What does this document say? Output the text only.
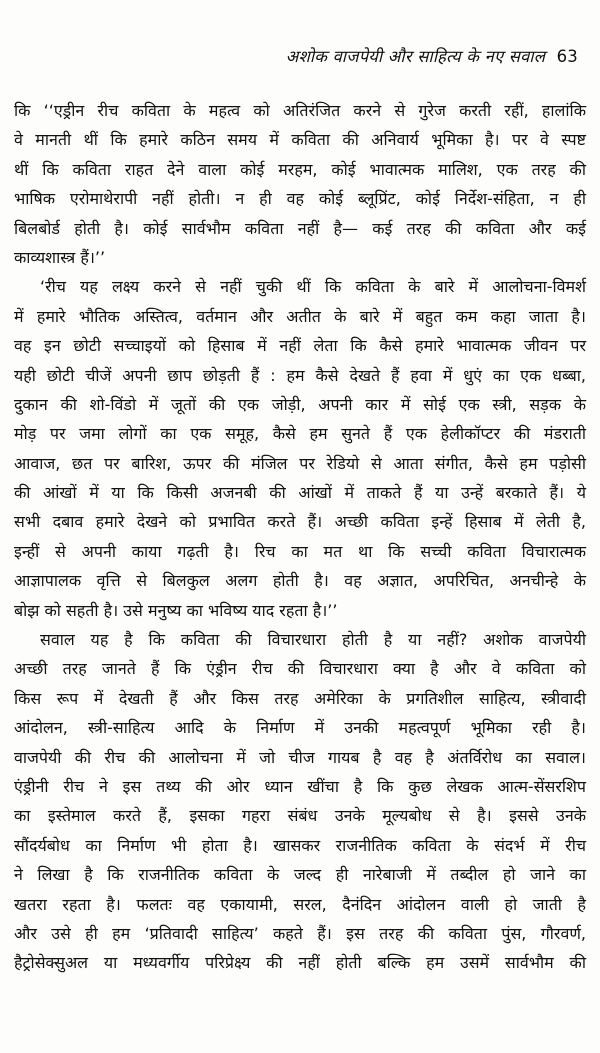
अशोक वाजपेयी और साहित्य के नए सवाल 63
कि ‘‘एड्रीन रीच कविता के महत्व को अतिरंजित करने से गुरेज करती रहीं, हालांकि
वे मानती थीं कि हमारे कठिन समय में कविता की अनिवार्य भूमिका है। पर वे स्पष्ट
थीं कि कविता राहत देने वाला कोई मरहम, कोई भावात्मक मालिश, एक तरह की
भाषिक एरोमाथेरापी नहीं होती। न ही वह कोई ब्लूप्रिंट, कोई निर्देश-संहिता, न ही
बिलबोर्ड होती है। कोई सार्वभौम कविता नहीं है— कई तरह की कविता और कई
काव्यशास्त्र हैं।’’
‘रीच यह लक्ष्य करने से नहीं चुकी थीं कि कविता के बारे में आलोचना-विमर्श
में हमारे भौतिक अस्तित्व, वर्तमान और अतीत के बारे में बहुत कम कहा जाता है।
वह इन छोटी सच्चाइयों को हिसाब में नहीं लेता कि कैसे हमारे भावात्मक जीवन पर
यही छोटी चीजें अपनी छाप छोड़ती हैं : हम कैसे देखते हैं हवा में धुएं का एक धब्बा,
दुकान की शो-विंडो में जूतों की एक जोड़ी, अपनी कार में सोई एक स्त्री, सड़क के
मोड़ पर जमा लोगों का एक समूह, कैसे हम सुनते हैं एक हेलीकॉप्टर की मंडराती
आवाज, छत पर बारिश, ऊपर की मंजिल पर रेडियो से आता संगीत, कैसे हम पड़ोसी
की आंखों में या कि किसी अजनबी की आंखों में ताकते हैं या उन्हें बरकाते हैं। ये
सभी दबाव हमारे देखने को प्रभावित करते हैं। अच्छी कविता इन्हें हिसाब में लेती है,
इन्हीं से अपनी काया गढ़ती है। रिच का मत था कि सच्ची कविता विचारात्मक
आज्ञापालक वृत्ति से बिलकुल अलग होती है। वह अज्ञात, अपरिचित, अनचीन्हे के
बोझ को सहती है। उसे मनुष्य का भविष्य याद रहता है।’’
सवाल यह है कि कविता की विचारधारा होती है या नहीं? अशोक वाजपेयी
अच्छी तरह जानते हैं कि एंड्रीन रीच की विचारधारा क्या है और वे कविता को
किस रूप में देखती हैं और किस तरह अमेरिका के प्रगतिशील साहित्य, स्त्रीवादी
आंदोलन, स्त्री-साहित्य आदि के निर्माण में उनकी महत्वपूर्ण भूमिका रही है।
वाजपेयी की रीच की आलोचना में जो चीज गायब है वह है अंतर्विरोध का सवाल।
एंड्रीनी रीच ने इस तथ्य की ओर ध्यान खींचा है कि कुछ लेखक आत्म-सेंसरशिप
का इस्तेमाल करते हैं, इसका गहरा संबंध उनके मूल्यबोध से है। इससे उनके
सौंदर्यबोध का निर्माण भी होता है। खासकर राजनीतिक कविता के संदर्भ में रीच
ने लिखा है कि राजनीतिक कविता के जल्द ही नारेबाजी में तब्दील हो जाने का
खतरा रहता है। फलतः वह एकायामी, सरल, दैनंदिन आंदोलन वाली हो जाती है
और उसे ही हम ‘प्रतिवादी साहित्य’ कहते हैं। इस तरह की कविता पुंस, गौरवर्ण,
हैट्रोसेक्सुअल या मध्यवर्गीय परिप्रेक्ष्य की नहीं होती बल्कि हम उसमें सार्वभौम की
